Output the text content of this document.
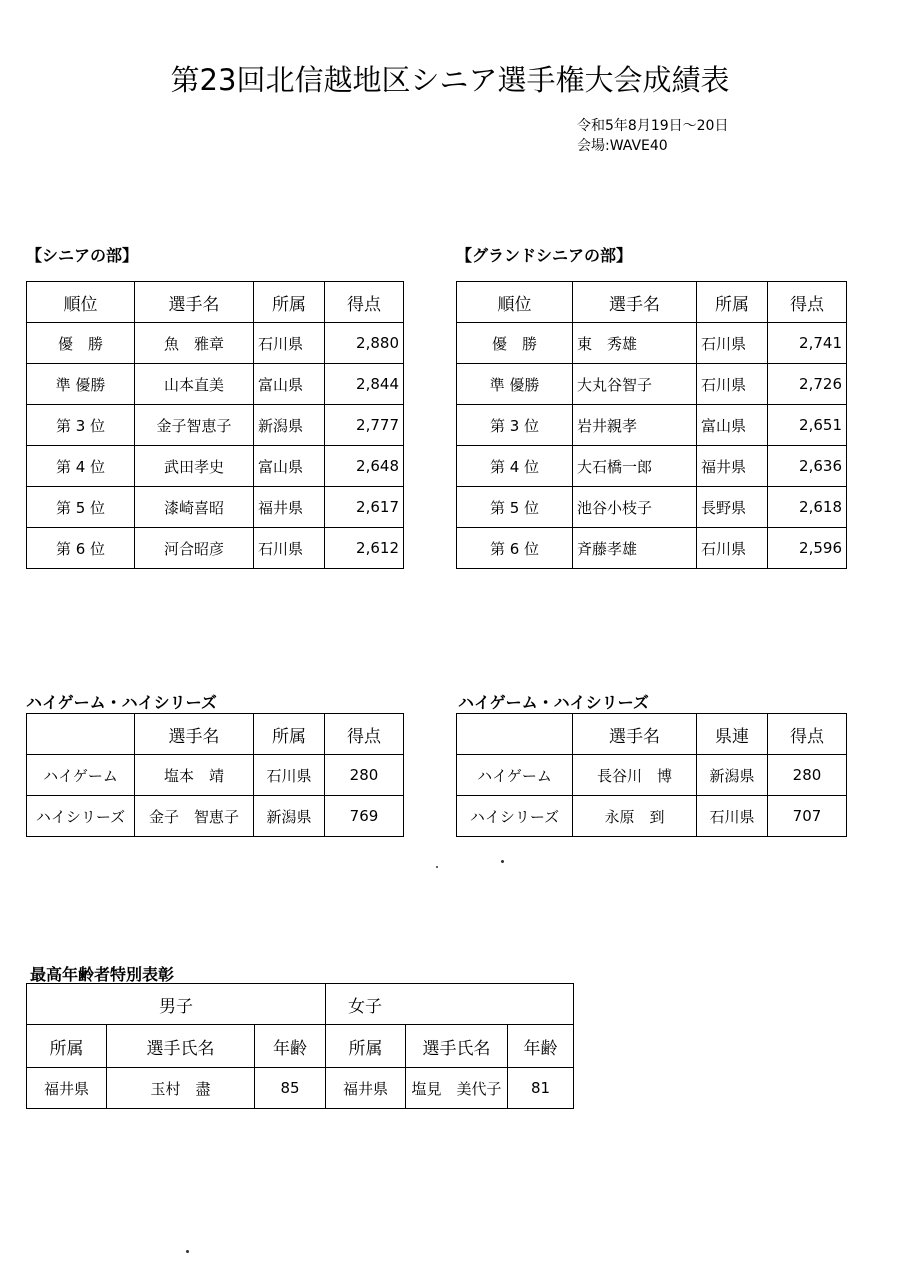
第23回北信越地区シニア選手権大会成績表
令和5年8月19日～20日
会場:WAVE40
【シニアの部】
順位	選手名	所属	得点
優　勝	魚　雅章	石川県	2,880
準 優勝	山本直美	富山県	2,844
第 3 位	金子智恵子	新潟県	2,777
第 4 位	武田孝史	富山県	2,648
第 5 位	漆崎喜昭	福井県	2,617
第 6 位	河合昭彦	石川県	2,612
【グランドシニアの部】
順位	選手名	所属	得点
優　勝	東　秀雄	石川県	2,741
準 優勝	大丸谷智子	石川県	2,726
第 3 位	岩井親孝	富山県	2,651
第 4 位	大石橋一郎	福井県	2,636
第 5 位	池谷小枝子	長野県	2,618
第 6 位	斉藤孝雄	石川県	2,596
ハイゲーム・ハイシリーズ
	選手名	所属	得点
ハイゲーム	塩本　靖	石川県	280
ハイシリーズ	金子　智恵子	新潟県	769
ハイゲーム・ハイシリーズ
	選手名	県連	得点
ハイゲーム	長谷川　博	新潟県	280
ハイシリーズ	永原　到	石川県	707
最高年齢者特別表彰
男子			女子		
所属	選手氏名	年齢	所属	選手氏名	年齢
福井県	玉村　盡	85	福井県	塩見　美代子	81
